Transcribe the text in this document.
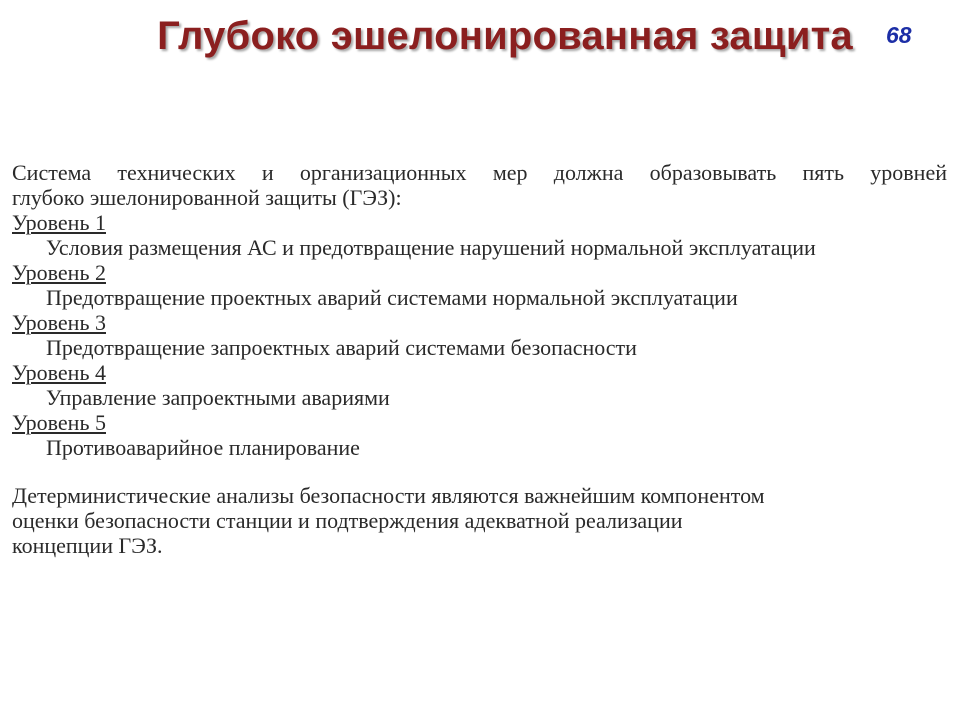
Глубоко эшелонированная защита	68
Система технических и организационных мер должна образовывать пять уровней
глубоко эшелонированной защиты (ГЭЗ):
Уровень 1
Условия размещения АС и предотвращение нарушений нормальной эксплуатации
Уровень 2
Предотвращение проектных аварий системами нормальной эксплуатации
Уровень 3
Предотвращение запроектных аварий системами безопасности
Уровень 4
Управление запроектными авариями
Уровень 5
Противоаварийное планирование
Детерминистические анализы безопасности являются важнейшим компонентом
оценки безопасности станции и подтверждения адекватной реализации
концепции ГЭЗ.
